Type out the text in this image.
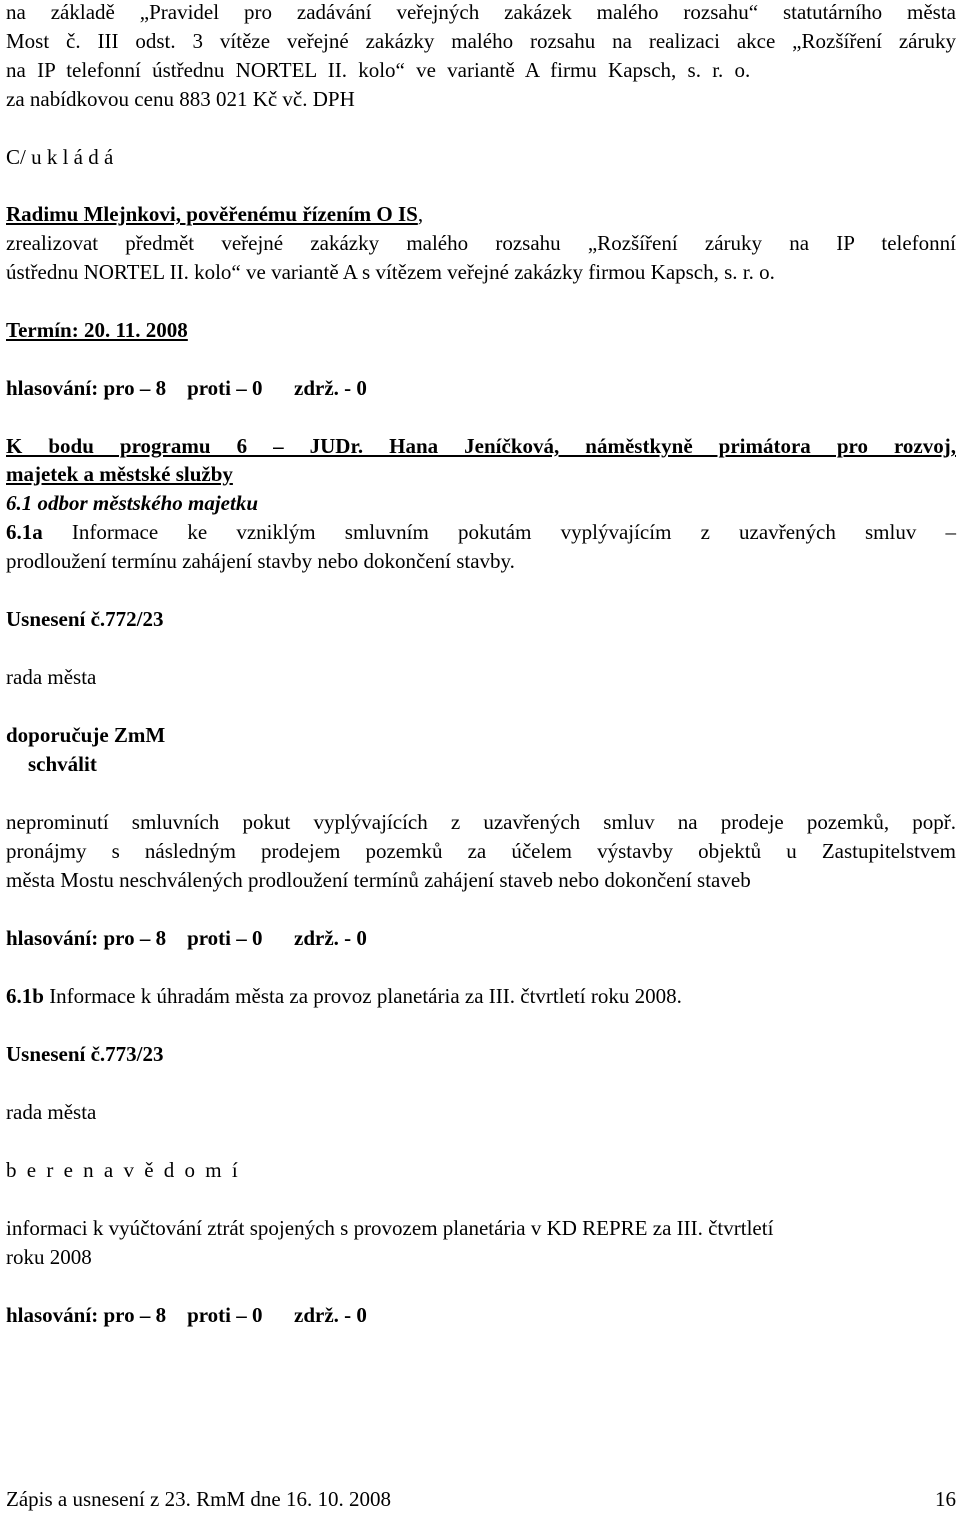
na základě „Pravidel pro zadávání veřejných zakázek malého rozsahu“ statutárního města
Most č. III odst. 3 vítěze veřejné zakázky malého rozsahu na realizaci akce „Rozšíření záruky
na IP telefonní ústřednu NORTEL II. kolo“ ve variantě A firmu Kapsch, s. r. o.
za nabídkovou cenu 883 021 Kč vč. DPH
C/ u k l á d á
Radimu Mlejnkovi, pověřenému řízením O IS,
zrealizovat předmět veřejné zakázky malého rozsahu „Rozšíření záruky na IP telefonní
ústřednu NORTEL II. kolo“ ve variantě A s vítězem veřejné zakázky firmou Kapsch, s. r. o.
Termín: 20. 11. 2008
hlasování: pro – 8    proti – 0      zdrž. - 0
K bodu programu 6 – JUDr. Hana Jeníčková, náměstkyně primátora pro rozvoj,
majetek a městské služby
6.1 odbor městského majetku
6.1a Informace ke vzniklým smluvním pokutám vyplývajícím z uzavřených smluv –
prodloužení termínu zahájení stavby nebo dokončení stavby.
Usnesení č.772/23
rada města
doporučuje ZmM
schválit
neprominutí smluvních pokut vyplývajících z uzavřených smluv na prodeje pozemků, popř.
pronájmy s následným prodejem pozemků za účelem výstavby objektů u Zastupitelstvem
města Mostu neschválených prodloužení termínů zahájení staveb nebo dokončení staveb
hlasování: pro – 8    proti – 0      zdrž. - 0
6.1b Informace k úhradám města za provoz planetária za III. čtvrtletí roku 2008.
Usnesení č.773/23
rada města
b e r e n a v ě d o m í
informaci k vyúčtování ztrát spojených s provozem planetária v KD REPRE za III. čtvrtletí
roku 2008
hlasování: pro – 8    proti – 0      zdrž. - 0
Zápis a usnesení z 23. RmM dne 16. 10. 2008	16
